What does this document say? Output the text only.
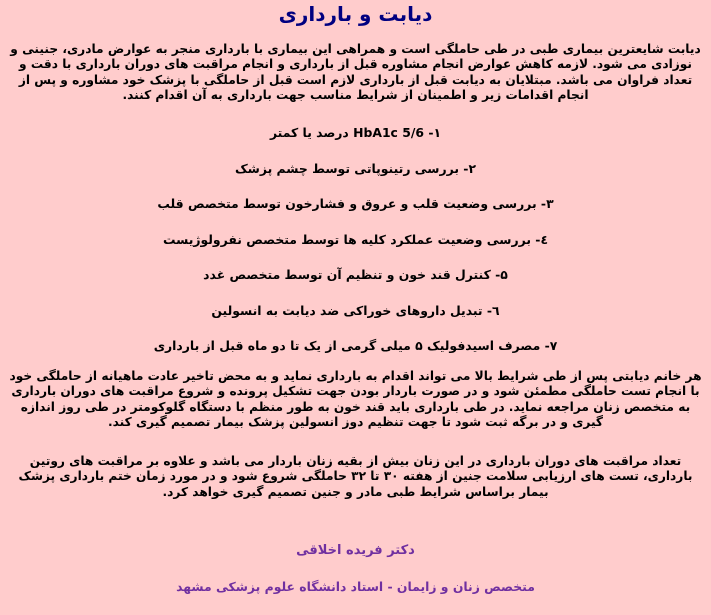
دیابت و بارداری

دیابت شایعترین بیماری طبی در طی حاملگی است و همراهی این بیماری با بارداری منجر به عوارض مادری، جنینی و نوزادی می شود. لازمه کاهش عوارض انجام مشاوره قبل از بارداری و انجام مراقبت های دوران بارداری با دقت و تعداد فراوان می باشد. مبتلایان به دیابت قبل از بارداری لازم است قبل از حاملگی با پزشک خود مشاوره و پس از انجام اقدامات زیر و اطمینان از شرایط مناسب جهت بارداری به آن اقدام کنند.

۱- HbA1c 5/6 درصد یا کمتر
۲- بررسی رتینوپاتی توسط چشم پزشک
۳- بررسی وضعیت قلب و عروق و فشارخون توسط متخصص قلب
٤- بررسی وضعیت عملکرد کلیه ها توسط متخصص نفرولوژیست
۵- کنترل قند خون و تنظیم آن توسط متخصص غدد
٦- تبدیل داروهای خوراکی ضد دیابت به انسولین
۷- مصرف اسیدفولیک ۵ میلی گرمی از یک تا دو ماه قبل از بارداری

هر خانم دیابتی پس از طی شرایط بالا می تواند اقدام به بارداری نماید و به محض تاخیر عادت ماهیانه از حاملگی خود با انجام تست حاملگی مطمئن شود و در صورت باردار بودن جهت تشکیل پرونده و شروع مراقبت های دوران بارداری به متخصص زنان مراجعه نماید. در طی بارداری باید قند خون به طور منظم با دستگاه گلوکومتر در طی روز اندازه گیری و در برگه ثبت شود تا جهت تنظیم دوز انسولین پزشک بیمار تصمیم گیری کند.

تعداد مراقبت های دوران بارداری در این زنان بیش از بقیه زنان باردار می باشد و علاوه بر مراقبت های روتین بارداری، تست های ارزیابی سلامت جنین از هفته ۳۰ تا ۳۲ حاملگی شروع شود و در مورد زمان ختم بارداری پزشک بیمار براساس شرایط طبی مادر و جنین تصمیم گیری خواهد کرد.

دکتر فریده اخلاقی
متخصص زنان و زایمان - استاد دانشگاه علوم پزشکی مشهد
